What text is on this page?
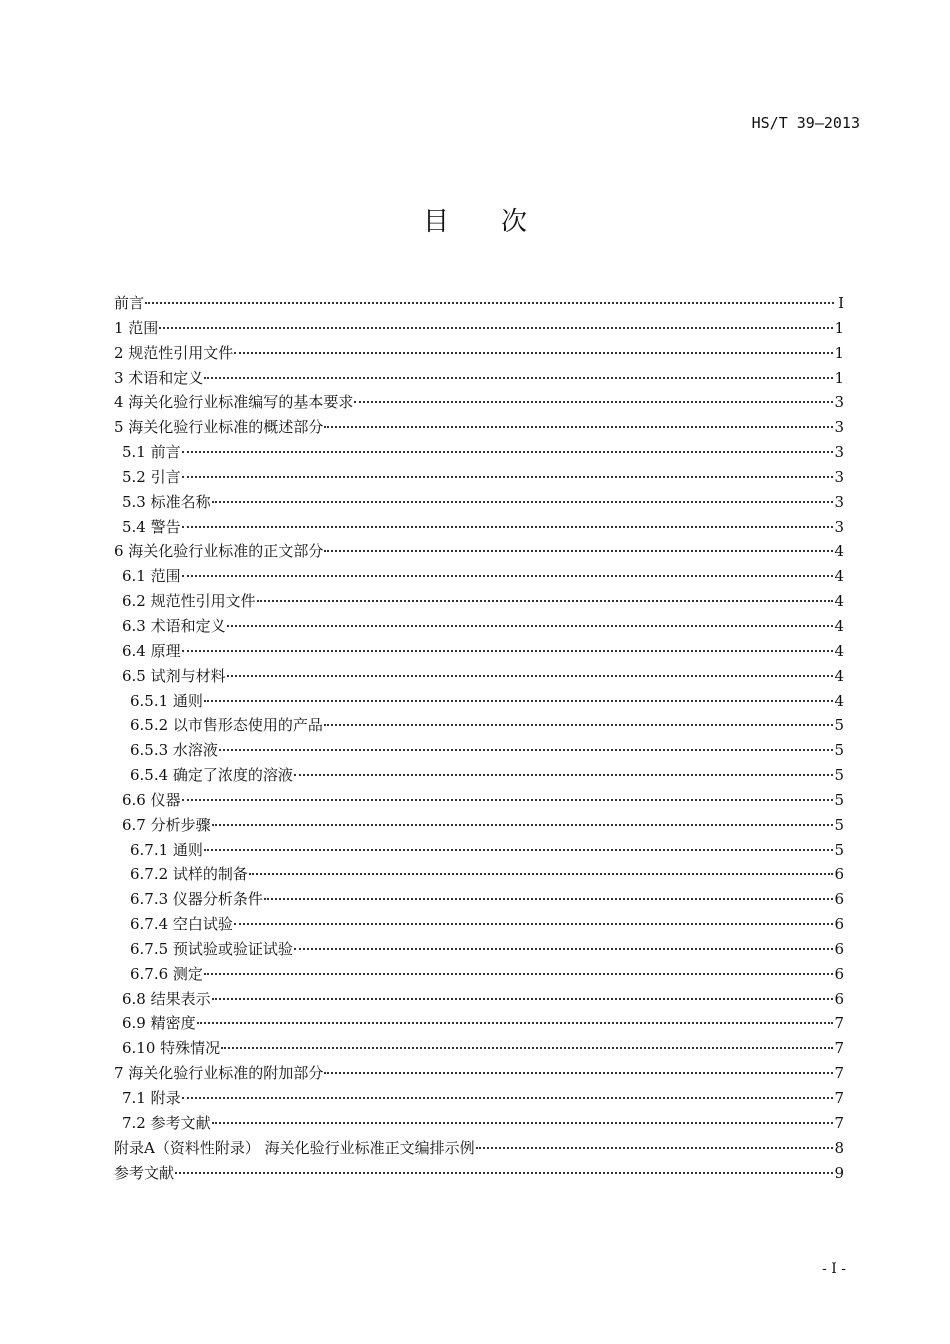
HS/T 39—2013
目　　次
前言	I
1 范围	1
2 规范性引用文件	1
3 术语和定义	1
4 海关化验行业标准编写的基本要求	3
5 海关化验行业标准的概述部分	3
5.1 前言	3
5.2 引言	3
5.3 标准名称	3
5.4 警告	3
6 海关化验行业标准的正文部分	4
6.1 范围	4
6.2 规范性引用文件	4
6.3 术语和定义	4
6.4 原理	4
6.5 试剂与材料	4
6.5.1 通则	4
6.5.2 以市售形态使用的产品	5
6.5.3 水溶液	5
6.5.4 确定了浓度的溶液	5
6.6 仪器	5
6.7 分析步骤	5
6.7.1 通则	5
6.7.2 试样的制备	6
6.7.3 仪器分析条件	6
6.7.4 空白试验	6
6.7.5 预试验或验证试验	6
6.7.6 测定	6
6.8 结果表示	6
6.9 精密度	7
6.10 特殊情况	7
7 海关化验行业标准的附加部分	7
7.1 附录	7
7.2 参考文献	7
附录A（资料性附录） 海关化验行业标准正文编排示例	8
参考文献	9
- I -
